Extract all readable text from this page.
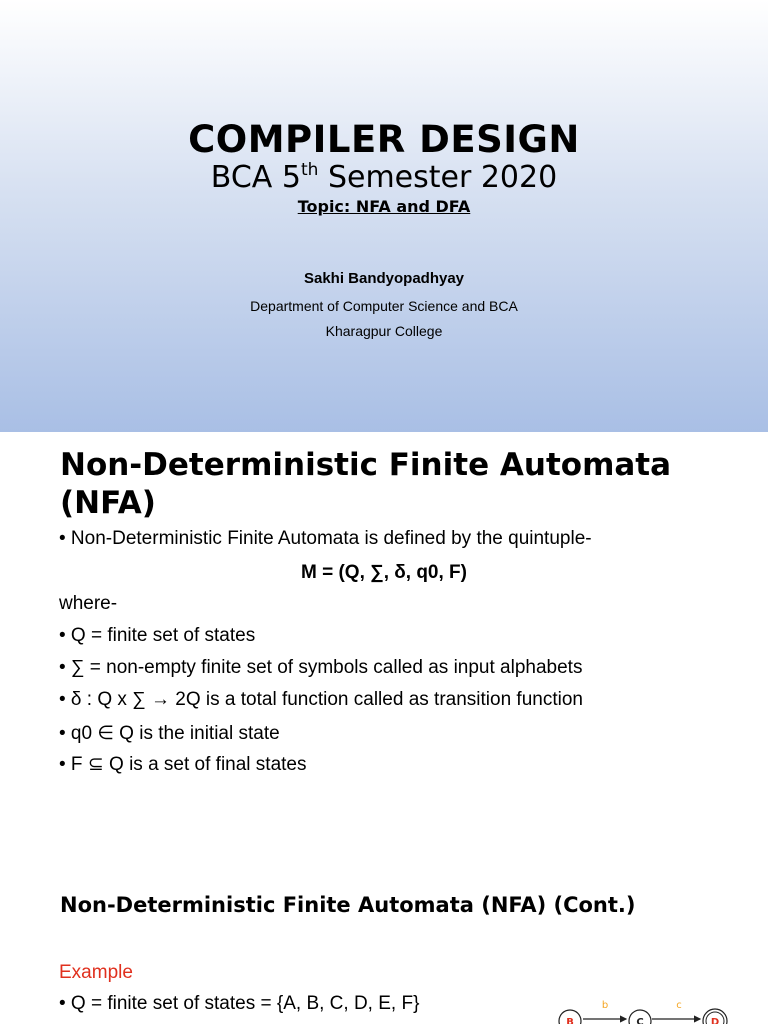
COMPILER DESIGN
BCA 5th Semester 2020
Topic: NFA and DFA
Sakhi Bandyopadhyay
Department of Computer Science and BCA
Kharagpur College
Non-Deterministic Finite Automata (NFA)
• Non-Deterministic Finite Automata is defined by the quintuple-
M = (Q, ∑, δ, q0, F)
where-
• Q = finite set of states
• ∑ = non-empty finite set of symbols called as input alphabets
• δ : Q x ∑ → 2Q is a total function called as transition function
• q0 ∈ Q is the initial state
• F ⊆ Q is a set of final states
Non-Deterministic Finite Automata (NFA) (Cont.)
Example
• Q = finite set of states = {A, B, C, D, E, F}	b	c
B	C	D
